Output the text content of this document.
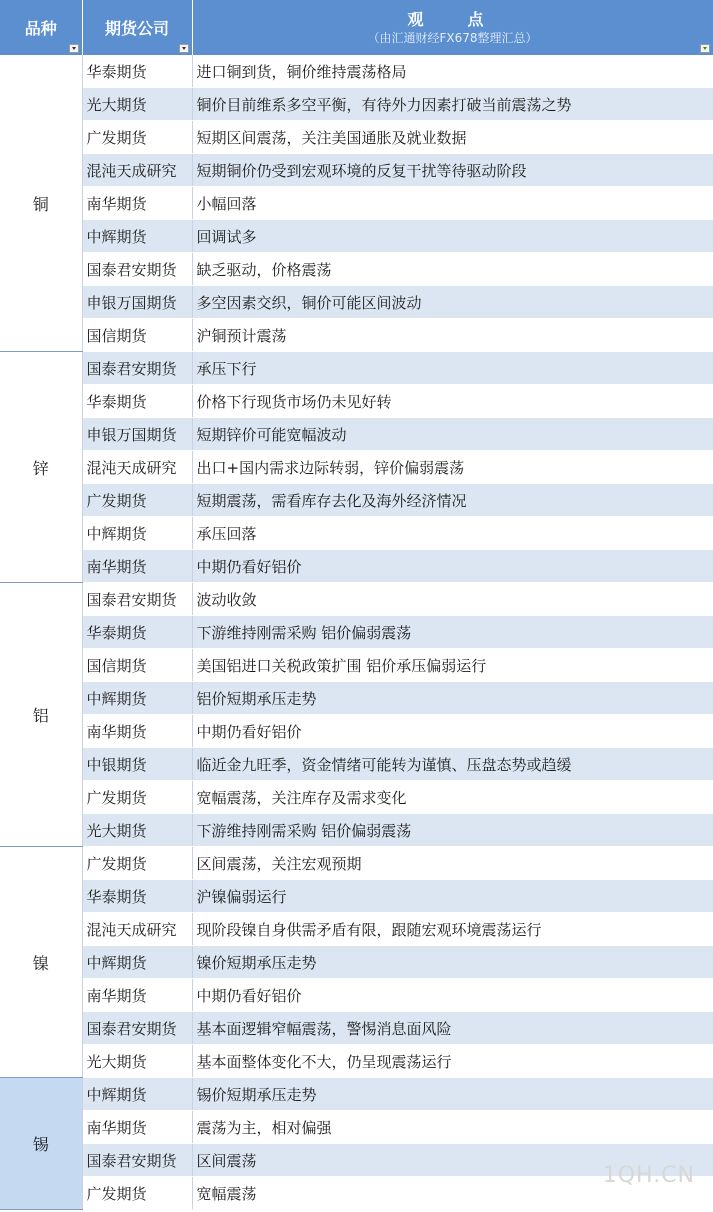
品种	期货公司	观　点
（由汇通财经FX678整理汇总）

铜	华泰期货	进口铜到货，铜价维持震荡格局
	光大期货	铜价目前维系多空平衡，有待外力因素打破当前震荡之势
	广发期货	短期区间震荡，关注美国通胀及就业数据
	混沌天成研究	短期铜价仍受到宏观环境的反复干扰等待驱动阶段
	南华期货	小幅回落
	中辉期货	回调试多
	国泰君安期货	缺乏驱动，价格震荡
	申银万国期货	多空因素交织，铜价可能区间波动
	国信期货	沪铜预计震荡
锌	国泰君安期货	承压下行
	华泰期货	价格下行现货市场仍未见好转
	申银万国期货	短期锌价可能宽幅波动
	混沌天成研究	出口+国内需求边际转弱，锌价偏弱震荡
	广发期货	短期震荡，需看库存去化及海外经济情况
	中辉期货	承压回落
	南华期货	中期仍看好铝价
铝	国泰君安期货	波动收敛
	华泰期货	下游维持刚需采购 铝价偏弱震荡
	国信期货	美国铝进口关税政策扩围 铝价承压偏弱运行
	中辉期货	铝价短期承压走势
	南华期货	中期仍看好铝价
	中银期货	临近金九旺季，资金情绪可能转为谨慎、压盘态势或趋缓
	广发期货	宽幅震荡，关注库存及需求变化
	光大期货	下游维持刚需采购 铝价偏弱震荡
镍	广发期货	区间震荡，关注宏观预期
	华泰期货	沪镍偏弱运行
	混沌天成研究	现阶段镍自身供需矛盾有限，跟随宏观环境震荡运行
	中辉期货	镍价短期承压走势
	南华期货	中期仍看好铝价
	国泰君安期货	基本面逻辑窄幅震荡，警惕消息面风险
	光大期货	基本面整体变化不大，仍呈现震荡运行
锡	中辉期货	锡价短期承压走势
	南华期货	震荡为主，相对偏强
	国泰君安期货	区间震荡
	广发期货	宽幅震荡
1QH.CN
